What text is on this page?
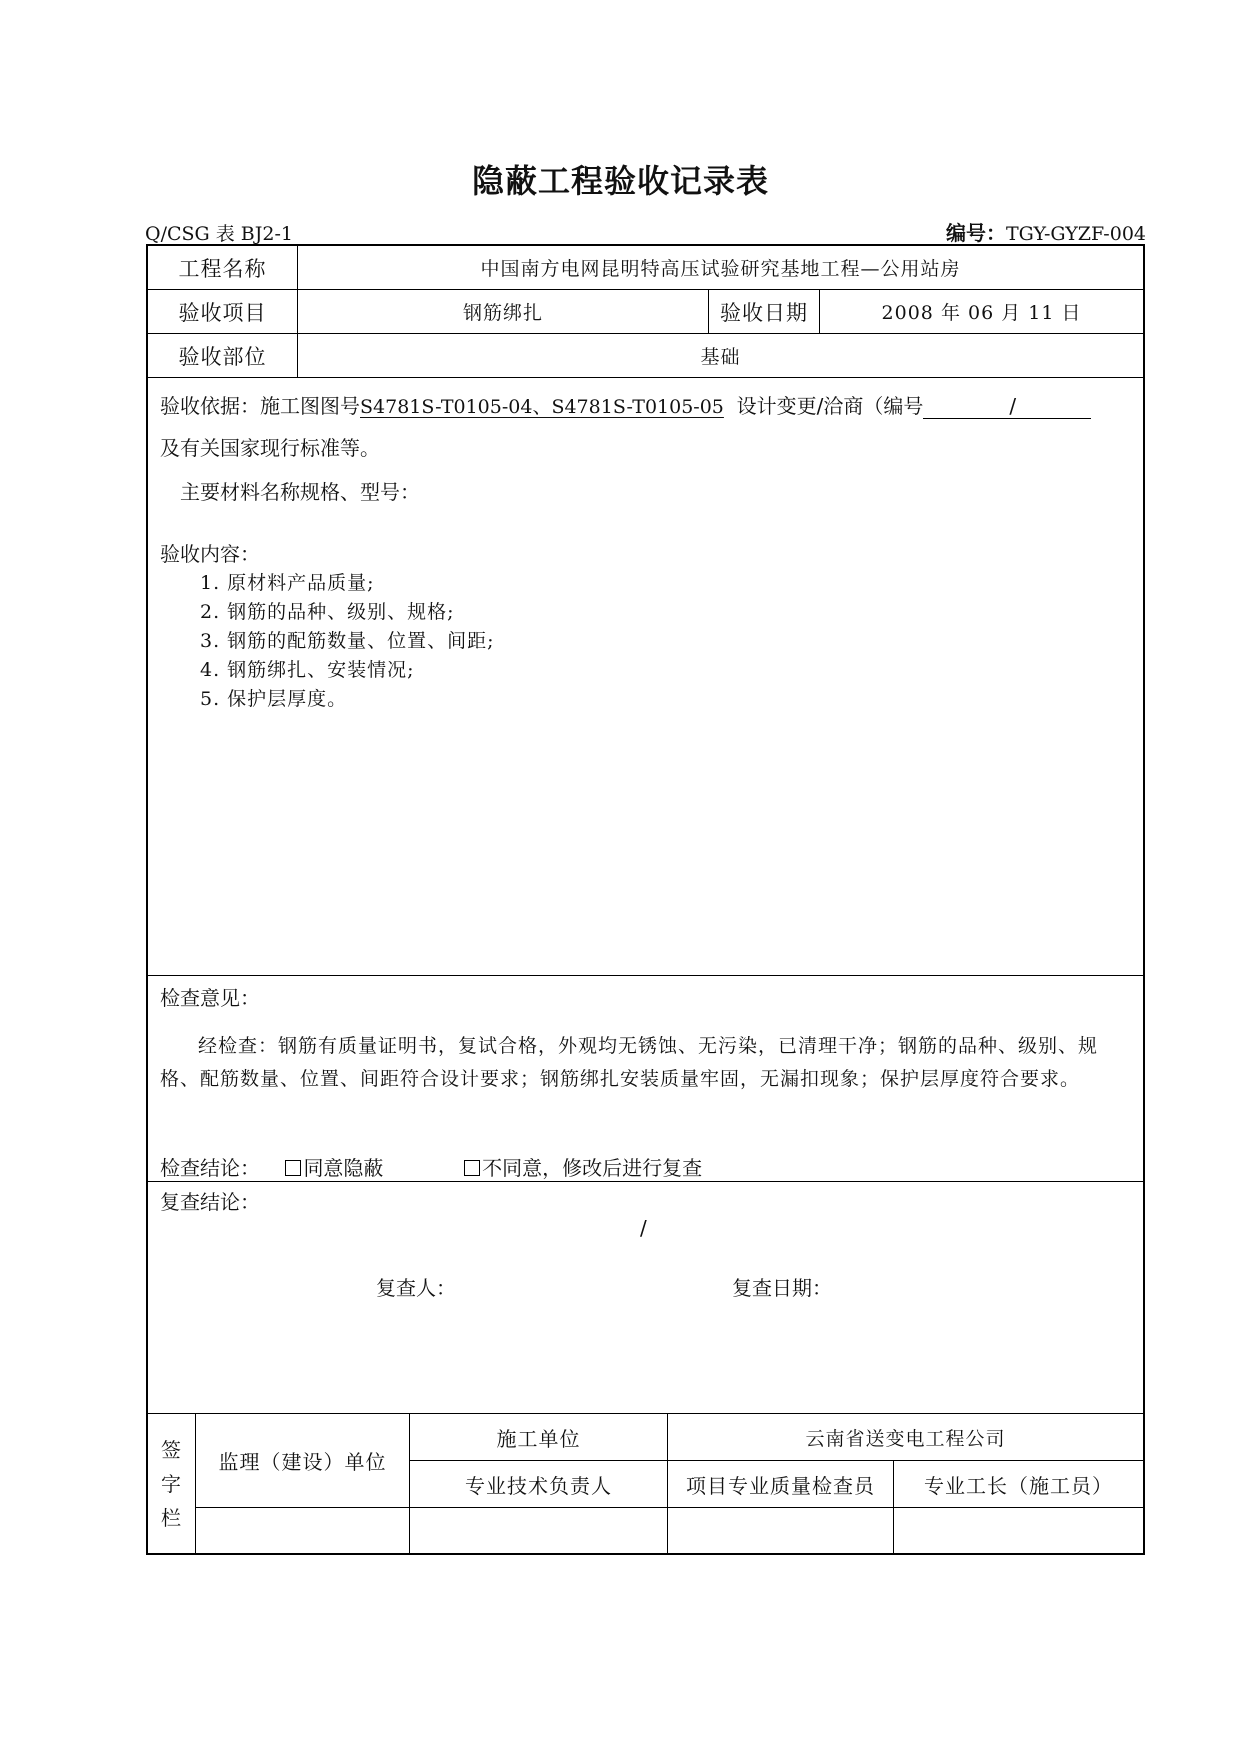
隐蔽工程验收记录表
Q/CSG 表 BJ2-1	编号：TGY-GYZF-004
工程名称	中国南方电网昆明特高压试验研究基地工程—公用站房
验收项目	钢筋绑扎	验收日期	2008 年 06 月 11 日
验收部位	基础
验收依据：施工图图号S4781S-T0105-04、S4781S-T0105-05 设计变更/洽商（编号	/
及有关国家现行标准等。
主要材料名称规格、型号：
验收内容：
1. 原材料产品质量;
2. 钢筋的品种、级别、规格;
3. 钢筋的配筋数量、位置、间距;
4. 钢筋绑扎、安装情况;
5. 保护层厚度。
检查意见：
经检查：钢筋有质量证明书，复试合格，外观均无锈蚀、无污染，已清理干净；钢筋的品种、级别、规格、配筋数量、位置、间距符合设计要求；钢筋绑扎安装质量牢固，无漏扣现象；保护层厚度符合要求。
检查结论： 同意隐蔽	不同意，修改后进行复查
复查结论：
/
复查人：	复查日期：
签
字
栏
监理（建设）单位
施工单位	云南省送变电工程公司
专业技术负责人	项目专业质量检查员	专业工长（施工员）
